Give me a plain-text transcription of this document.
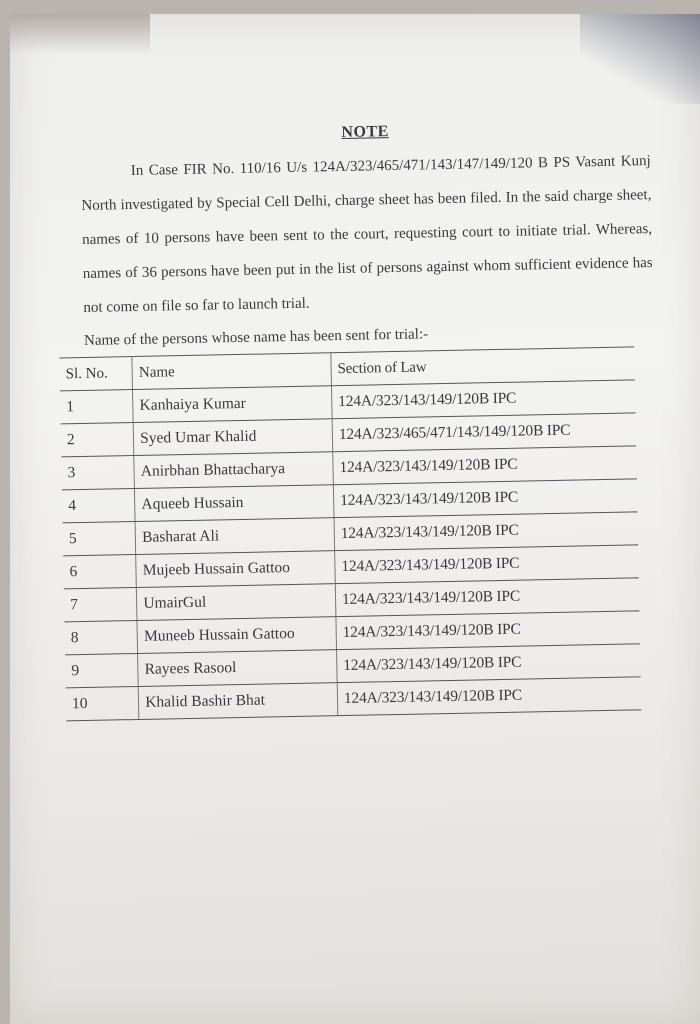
NOTE

In Case FIR No. 110/16 U/s 124A/323/465/471/143/147/149/120 B PS Vasant Kunj North investigated by Special Cell Delhi, charge sheet has been filed. In the said charge sheet, names of 10 persons have been sent to the court, requesting court to initiate trial. Whereas, names of 36 persons have been put in the list of persons against whom sufficient evidence has not come on file so far to launch trial.

Name of the persons whose name has been sent for trial:-
Sl. No.	Name	Section of Law
1	Kanhaiya Kumar	124A/323/143/149/120B IPC
2	Syed Umar Khalid	124A/323/465/471/143/149/120B IPC
3	Anirbhan Bhattacharya	124A/323/143/149/120B IPC
4	Aqueeb Hussain	124A/323/143/149/120B IPC
5	Basharat Ali	124A/323/143/149/120B IPC
6	Mujeeb Hussain Gattoo	124A/323/143/149/120B IPC
7	UmairGul	124A/323/143/149/120B IPC
8	Muneeb Hussain Gattoo	124A/323/143/149/120B IPC
9	Rayees Rasool	124A/323/143/149/120B IPC
10	Khalid Bashir Bhat	124A/323/143/149/120B IPC
